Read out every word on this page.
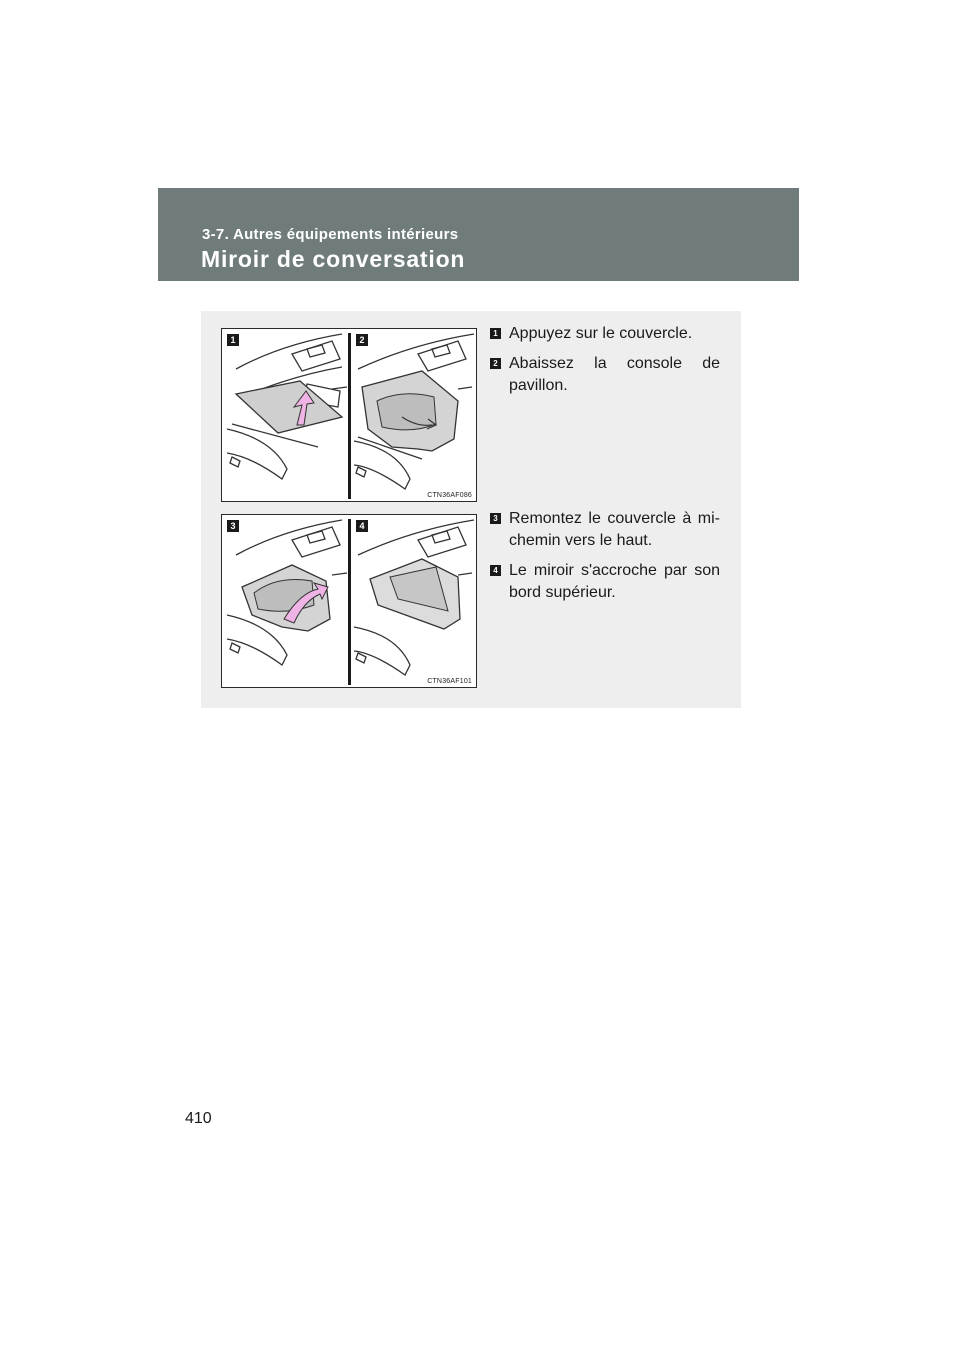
3-7. Autres équipements intérieurs
Miroir de conversation
1	2
CTN36AF086
1 Appuyez sur le couvercle.
2 Abaissez la console de pavillon.
3	4
CTN36AF101
3 Remontez le couvercle à mi-chemin vers le haut.
4 Le miroir s'accroche par son bord supérieur.
410
